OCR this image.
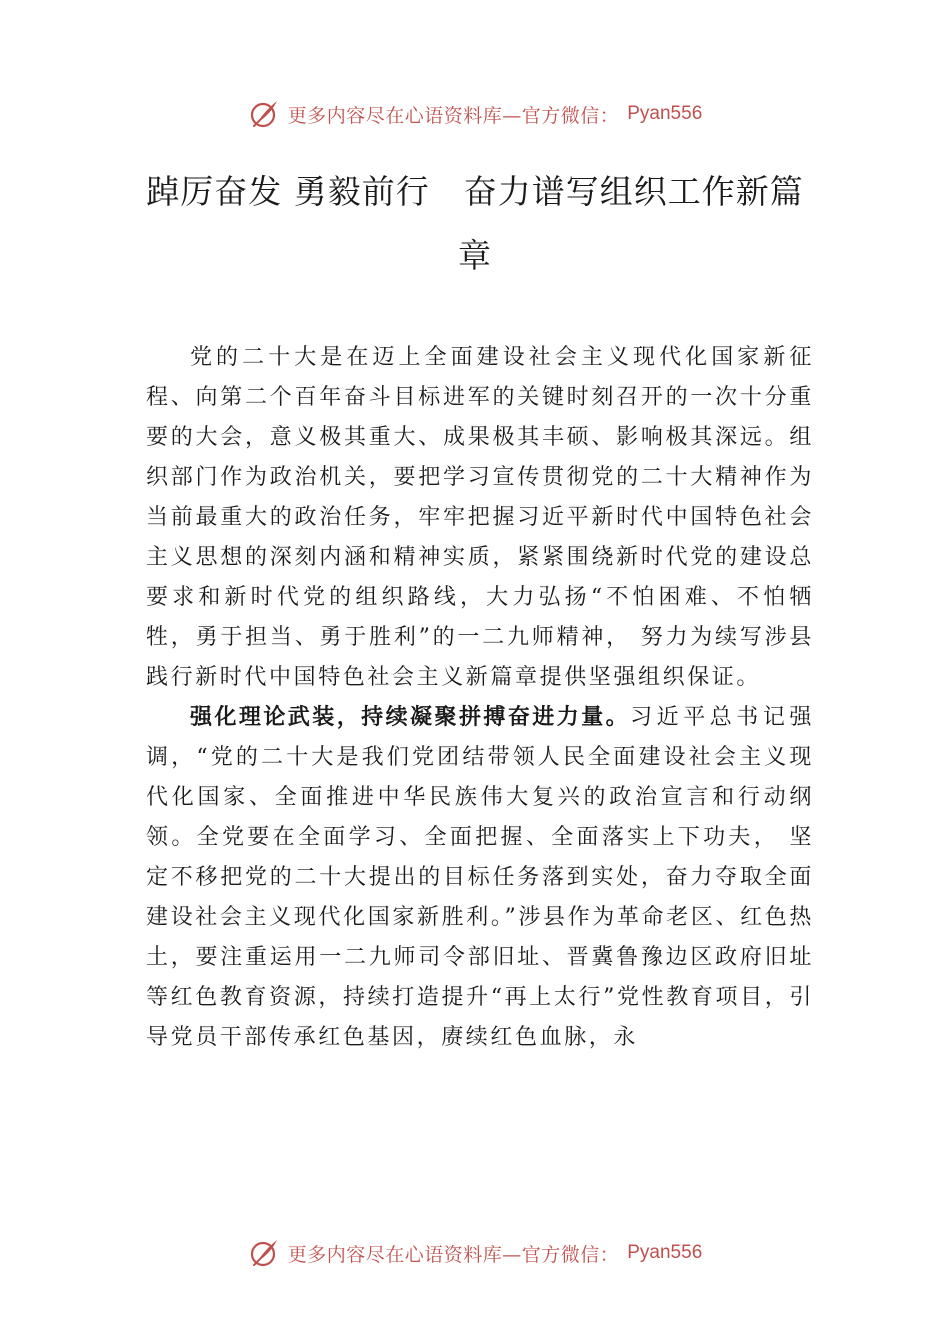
更多内容尽在心语资料库—官方微信： Pyan556
踔厉奋发 勇毅前行　奋力谱写组织工作新篇章

党的二十大是在迈上全面建设社会主义现代化国家新征程、向第二个百年奋斗目标进军的关键时刻召开的一次十分重要的大会，意义极其重大、成果极其丰硕、影响极其深远。组织部门作为政治机关，要把学习宣传贯彻党的二十大精神作为当前最重大的政治任务，牢牢把握习近平新时代中国特色社会主义思想的深刻内涵和精神实质，紧紧围绕新时代党的建设总要求和新时代党的组织路线，大力弘扬“不怕困难、不怕牺牲，勇于担当、勇于胜利”的一二九师精神， 努力为续写涉县践行新时代中国特色社会主义新篇章提供坚强组织保证。

强化理论武装，持续凝聚拼搏奋进力量。习近平总书记强调，“党的二十大是我们党团结带领人民全面建设社会主义现代化国家、全面推进中华民族伟大复兴的政治宣言和行动纲领。全党要在全面学习、全面把握、全面落实上下功夫， 坚定不移把党的二十大提出的目标任务落到实处，奋力夺取全面建设社会主义现代化国家新胜利。”涉县作为革命老区、红色热土，要注重运用一二九师司令部旧址、晋冀鲁豫边区政府旧址等红色教育资源，持续打造提升“再上太行”党性教育项目，引导党员干部传承红色基因，赓续红色血脉，永

更多内容尽在心语资料库—官方微信： Pyan556
